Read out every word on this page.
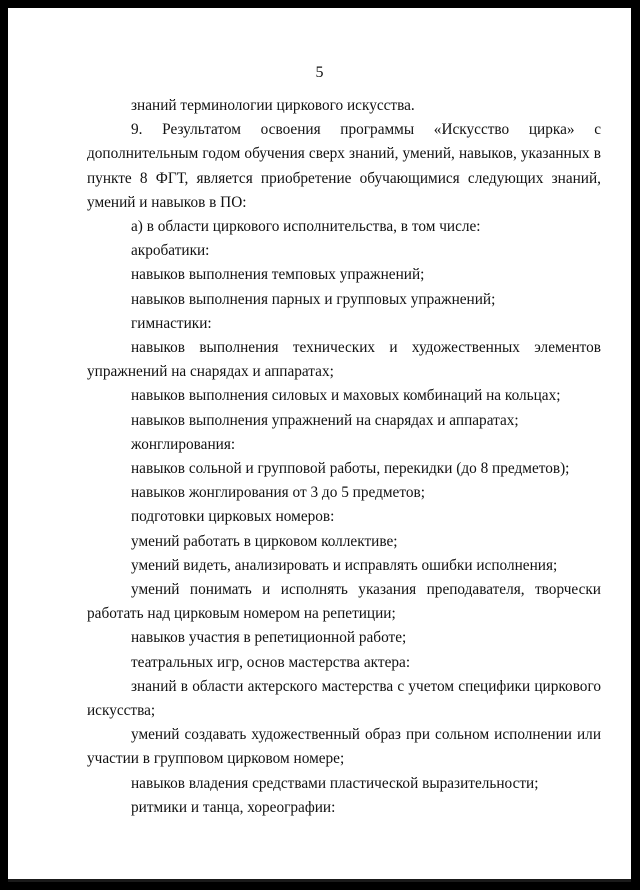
5

знаний терминологии циркового искусства.

9. Результатом освоения программы «Искусство цирка» с дополнительным годом обучения сверх знаний, умений, навыков, указанных в пункте 8 ФГТ, является приобретение обучающимися следующих знаний, умений и навыков в ПО:

а) в области циркового исполнительства, в том числе:

акробатики:

навыков выполнения темповых упражнений;

навыков выполнения парных и групповых упражнений;

гимнастики:

навыков выполнения технических и художественных элементов упражнений на снарядах и аппаратах;

навыков выполнения силовых и маховых комбинаций на кольцах;

навыков выполнения упражнений на снарядах и аппаратах;

жонглирования:

навыков сольной и групповой работы, перекидки (до 8 предметов);

навыков жонглирования от 3 до 5 предметов;

подготовки цирковых номеров:

умений работать в цирковом коллективе;

умений видеть, анализировать и исправлять ошибки исполнения;

умений понимать и исполнять указания преподавателя, творчески работать над цирковым номером на репетиции;

навыков участия в репетиционной работе;

театральных игр, основ мастерства актера:

знаний в области актерского мастерства с учетом специфики циркового искусства;

умений создавать художественный образ при сольном исполнении или участии в групповом цирковом номере;

навыков владения средствами пластической выразительности;

ритмики и танца, хореографии:
